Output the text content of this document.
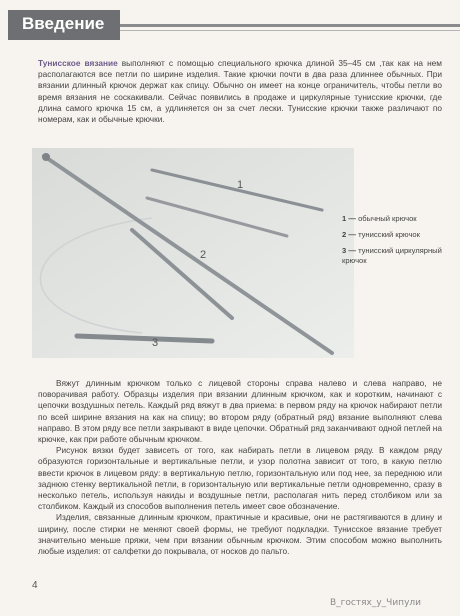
Введение
Тунисское вязание выполняют с помощью специального крючка длиной 35–45 см ,так как на нем располагаются все петли по ширине изделия. Такие крючки почти в два раза длиннее обычных. При вязании длинный крючок держат как спицу. Обычно он имеет на конце ограничитель, чтобы петли во время вязания не соскакивали. Сейчас появились в продаже и циркулярные тунисские крючки, где длина самого крючка 15 см, а удлиняется он за счет лески. Тунисские крючки также различают по номерам, как и обычные крючки.
1
2
3
1 — обычный крючок
2 — тунисский крючок
3 — тунисский циркулярный крючок

Вяжут длинным крючком только с лицевой стороны справа налево и слева направо, не поворачивая работу. Образцы изделия при вязании длинным крючком, как и коротким, начинают с цепочки воздушных петель. Каждый ряд вяжут в два приема: в первом ряду на крючок набирают петли по всей ширине вязания на как на спицу; во втором ряду (обратный ряд) вязание выполняют слева направо. В этом ряду все петли закрывают в виде цепочки. Обратный ряд заканчивают одной петлей на крючке, как при работе обычным крючком.

Рисунок вязки будет зависеть от того, как набирать петли в лицевом ряду. В каждом ряду образуются горизонтальные и вертикальные петли, и узор полотна зависит от того, в какую петлю ввести крючок в лицевом ряду: в вертикальную петлю, горизонтальную или под нее, за переднюю или заднюю стенку вертикальной петли, в горизонтальную или вертикальные петли одновременно, сразу в несколько петель, используя накиды и воздушные петли, располагая нить перед столбиком или за столбиком. Каждый из способов выполнения петель имеет свое обозначение.

Изделия, связанные длинным крючком, практичные и красивые, они не растягиваются в длину и ширину, после стирки не меняют своей формы, не требуют подкладки. Тунисское вязание требует значительно меньше пряжи, чем при вязании обычным крючком. Этим способом можно выполнить любые изделия: от салфетки до покрывала, от носков до пальто.

4
В_гостях_у_Чипули
